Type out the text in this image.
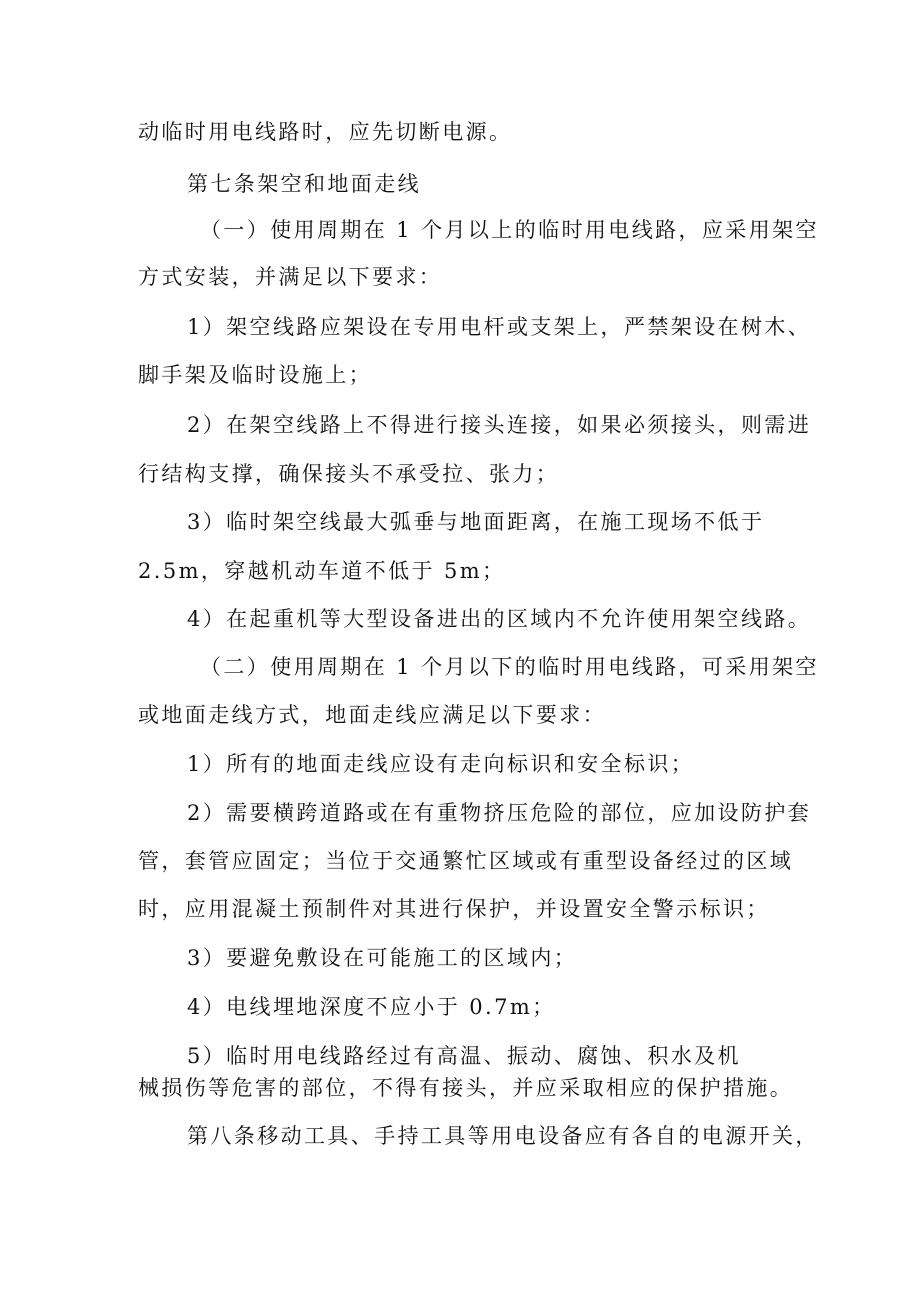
动临时用电线路时，应先切断电源。
第七条架空和地面走线
（一）使用周期在 1 个月以上的临时用电线路，应采用架空
方式安装，并满足以下要求：
1）架空线路应架设在专用电杆或支架上，严禁架设在树木、
脚手架及临时设施上；
2）在架空线路上不得进行接头连接，如果必须接头，则需进
行结构支撑，确保接头不承受拉、张力；
3）临时架空线最大弧垂与地面距离，在施工现场不低于
2.5m，穿越机动车道不低于 5m；
4）在起重机等大型设备进出的区域内不允许使用架空线路。
（二）使用周期在 1 个月以下的临时用电线路，可采用架空
或地面走线方式，地面走线应满足以下要求：
1）所有的地面走线应设有走向标识和安全标识；
2）需要横跨道路或在有重物挤压危险的部位，应加设防护套
管，套管应固定；当位于交通繁忙区域或有重型设备经过的区域
时，应用混凝土预制件对其进行保护，并设置安全警示标识；
3）要避免敷设在可能施工的区域内；
4）电线埋地深度不应小于 0.7m；
5）临时用电线路经过有高温、振动、腐蚀、积水及机
械损伤等危害的部位，不得有接头，并应采取相应的保护措施。
第八条移动工具、手持工具等用电设备应有各自的电源开关，
